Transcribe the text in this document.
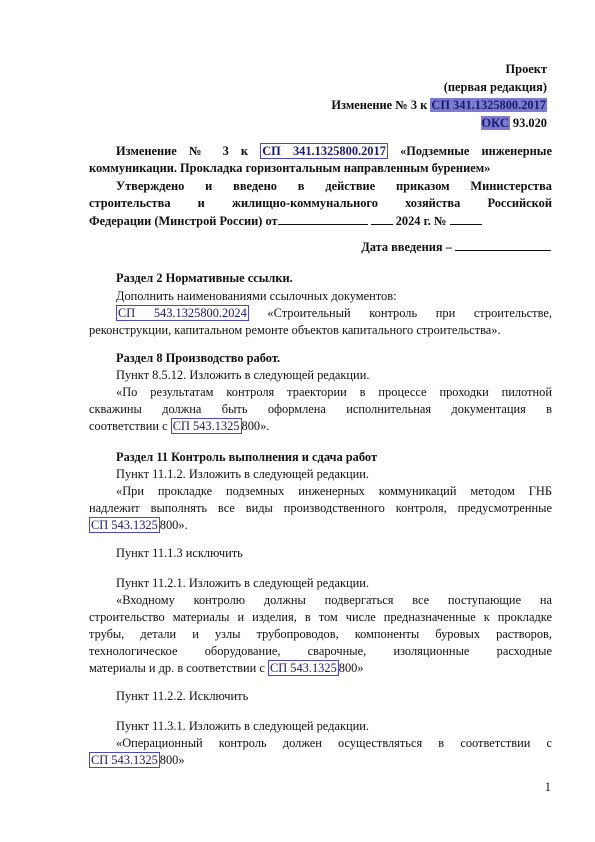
Проект
(первая редакция)
Изменение № 3 к СП 341.1325800.2017
ОКС 93.020
Изменение № 3 к СП 341.1325800.2017 «Подземные инженерные
коммуникации. Прокладка горизонтальным направленным бурением»
Утверждено и введено в действие приказом Министерства
строительства и жилищно-коммунального хозяйства Российской
Федерации (Минстрой России) от	2024 г. №
Дата введения –
Раздел 2 Нормативные ссылки.
Дополнить наименованиями ссылочных документов:
СП 543.1325800.2024 «Строительный контроль при строительстве,
реконструкции, капитальном ремонте объектов капитального строительства».
Раздел 8 Производство работ.
Пункт 8.5.12. Изложить в следующей редакции.
«По результатам контроля траектории в процессе проходки пилотной
скважины должна быть оформлена исполнительная документация в
соответствии с СП 543.1325 800».
Раздел 11 Контроль выполнения и сдача работ
Пункт 11.1.2. Изложить в следующей редакции.
«При прокладке подземных инженерных коммуникаций методом ГНБ
надлежит выполнять все виды производственного контроля, предусмотренные
СП 543.1325 800».
Пункт 11.1.3 исключить
Пункт 11.2.1. Изложить в следующей редакции.
«Входному контролю должны подвергаться все поступающие на
строительство материалы и изделия, в том числе предназначенные к прокладке
трубы, детали и узлы трубопроводов, компоненты буровых растворов,
технологическое оборудование, сварочные, изоляционные расходные
материалы и др. в соответствии с СП 543.1325 800»
Пункт 11.2.2. Исключить
Пункт 11.3.1. Изложить в следующей редакции.
«Операционный контроль должен осуществляться в соответствии с
СП 543.1325 800»
1
